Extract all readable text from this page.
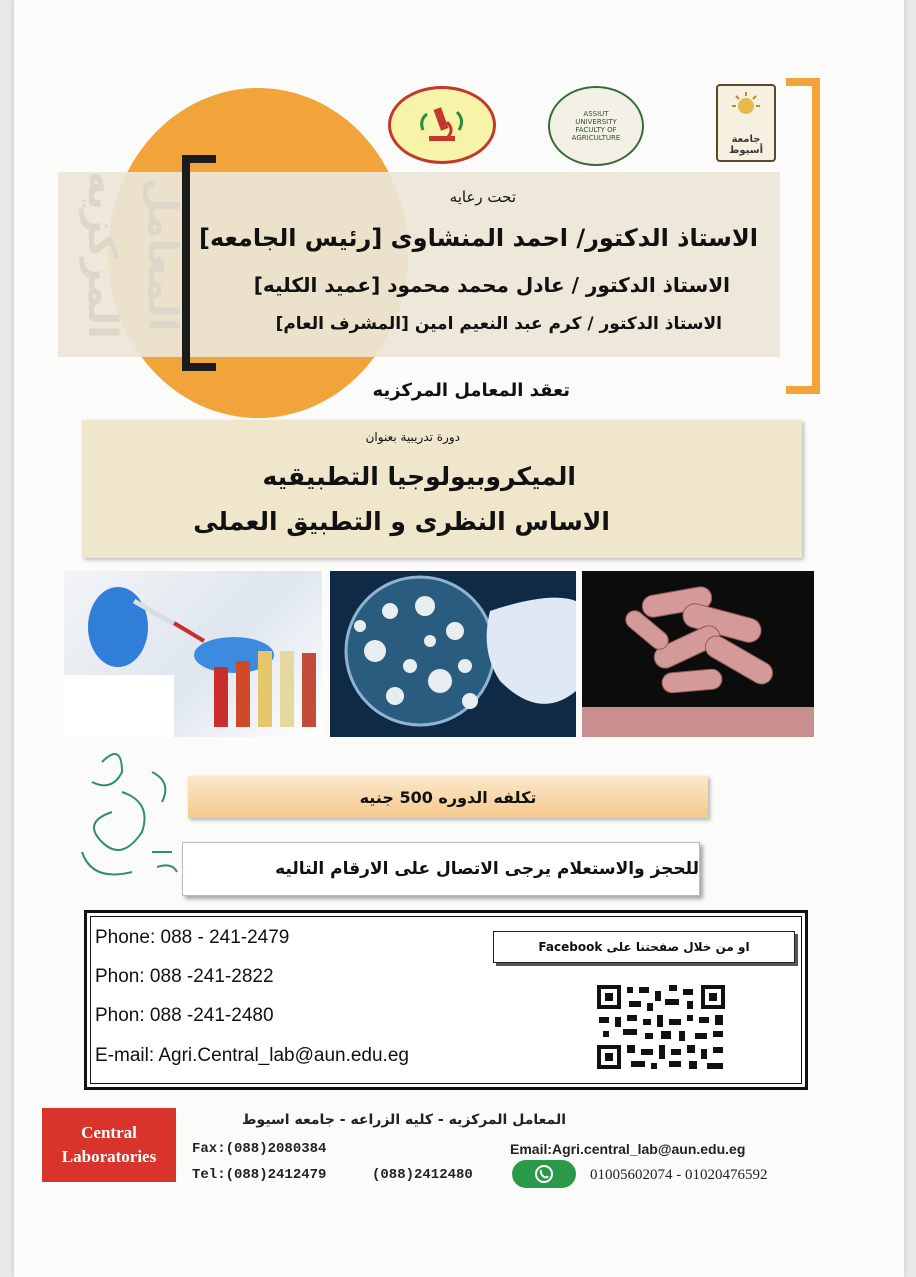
جامعة أسيوط
ASSIUT UNIVERSITY FACULTY OF AGRICULTURE
تحت رعايه
الاستاذ الدكتور/ احمد المنشاوى [رئيس الجامعه]
الاستاذ الدكتور / عادل محمد محمود [عميد الكليه]
الاستاذ الدكتور / كرم عبد النعيم امين [المشرف العام]
تعقد المعامل المركزيه
دورة تدريبية بعنوان
الميكروبيولوجيا التطبيقيه
الاساس النظرى و التطبيق العملى
تكلفه الدوره 500 جنيه
للحجز والاستعلام يرجى الاتصال على الارقام التاليه
Phone: 088 - 241-2479
Phon: 088 -241-2822
Phon: 088 -241-2480
E-mail: Agri.Central_lab@aun.edu.eg
او من خلال صفحتنا على Facebook
Central
Laboratories
المعامل المركزيه - كليه الزراعه - جامعه اسيوط
Fax:(088)2080384
Tel:(088)2412479	(088)2412480
Email:Agri.central_lab@aun.edu.eg
01005602074 - 01020476592
